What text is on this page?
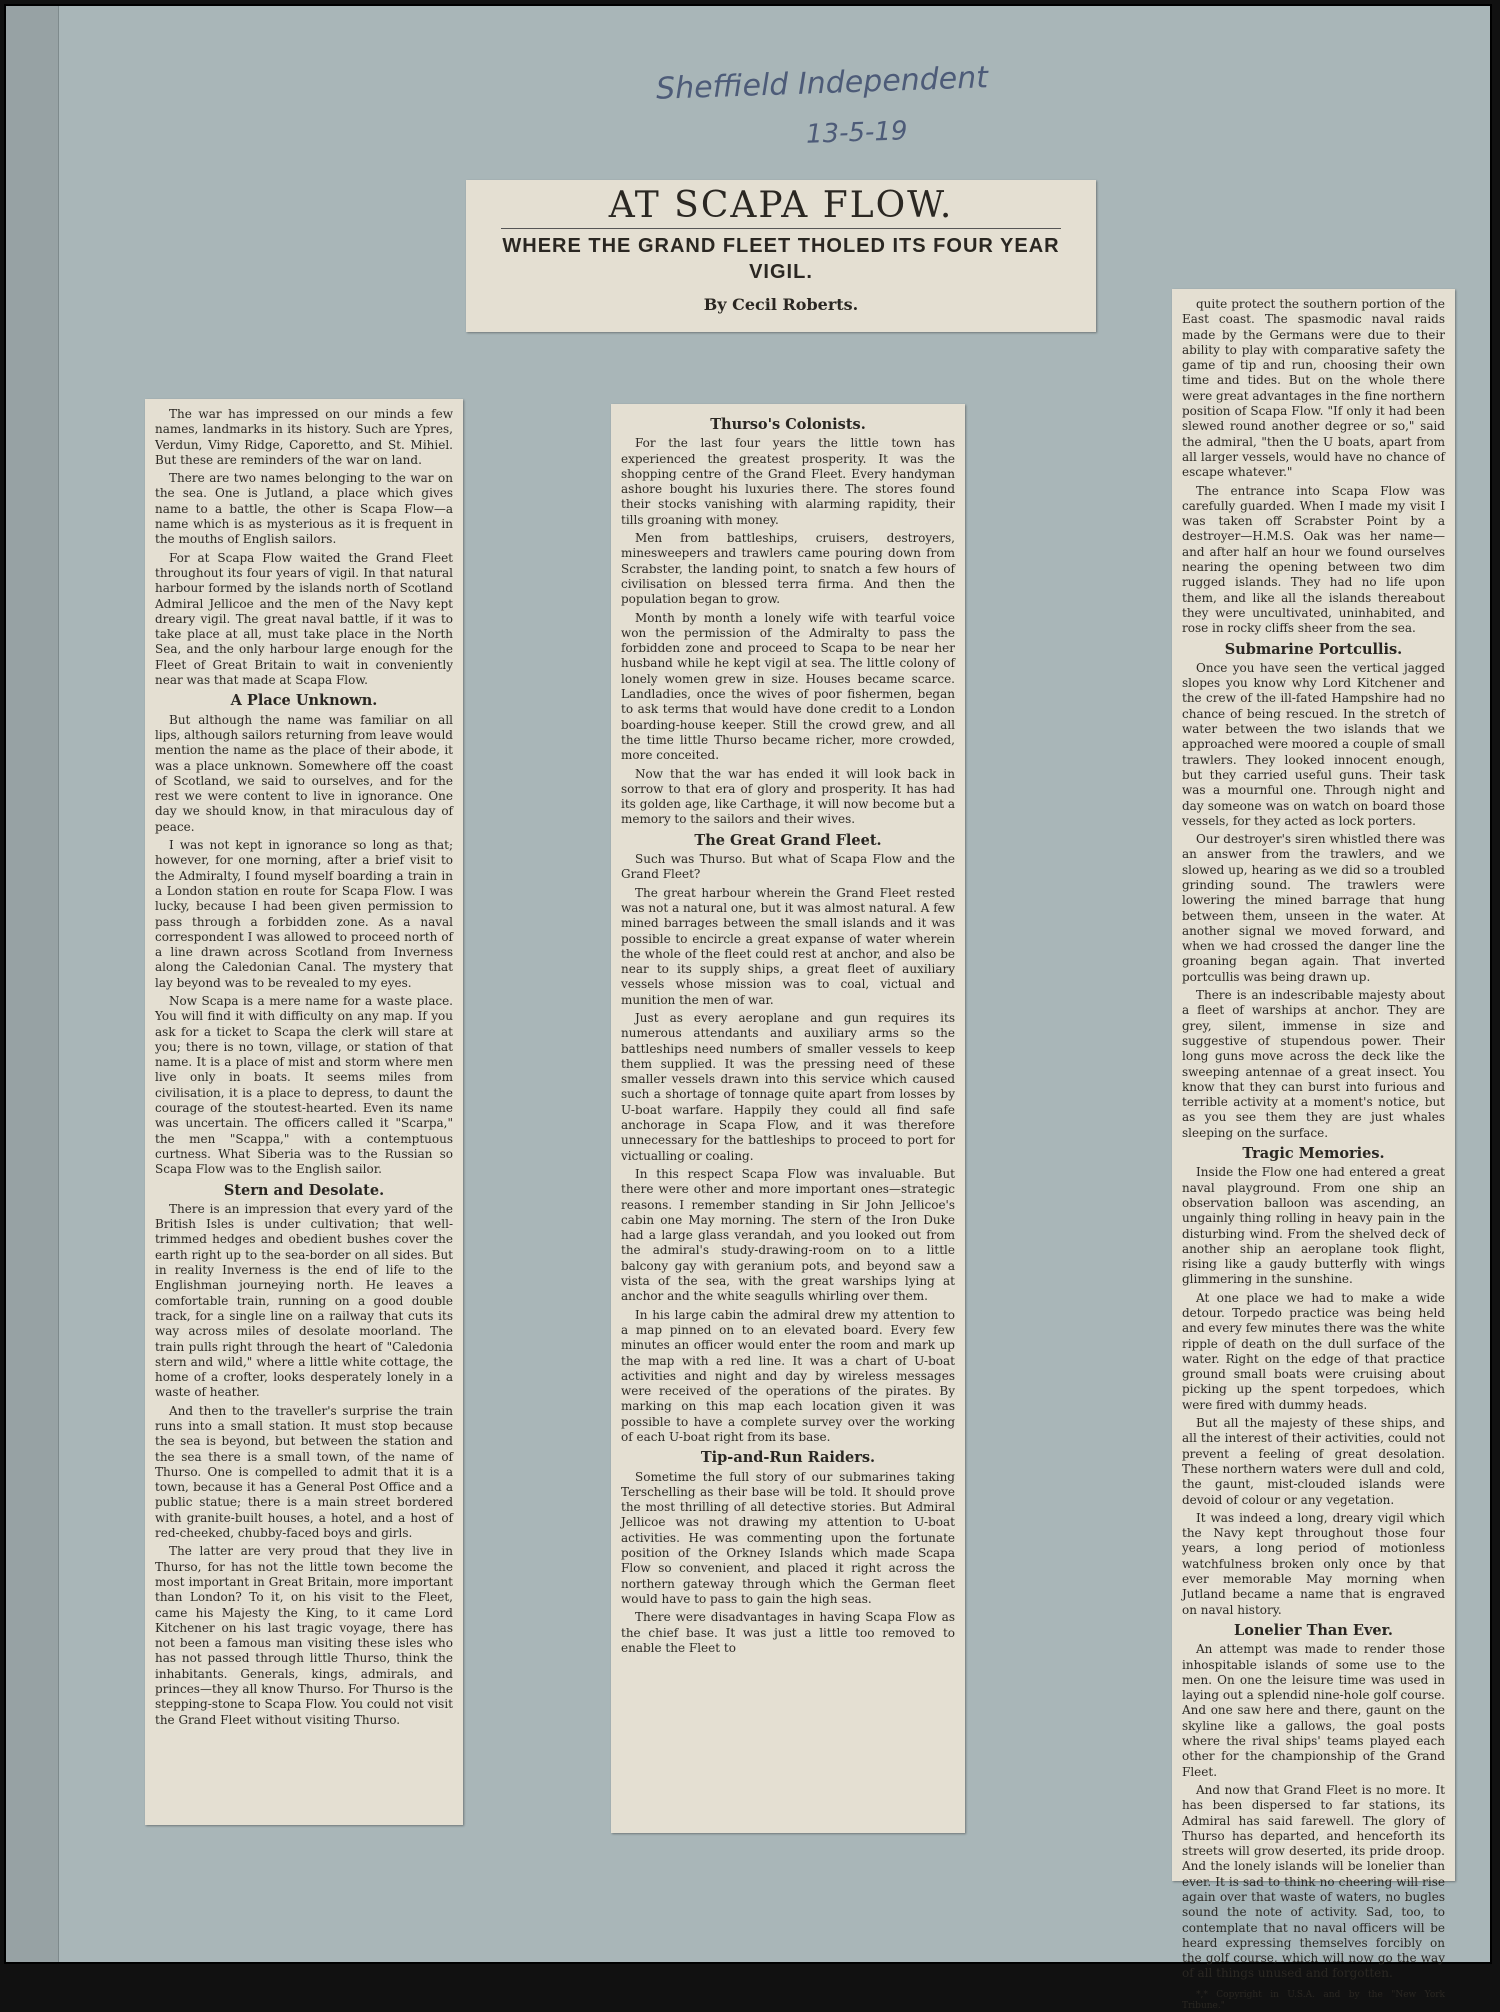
Sheffield Independent
13-5-19
AT SCAPA FLOW.
WHERE THE GRAND FLEET THOLED ITS FOUR YEAR VIGIL.
By Cecil Roberts.

The war has impressed on our minds a few names, landmarks in its history. Such are Ypres, Verdun, Vimy Ridge, Caporetto, and St. Mihiel. But these are reminders of the war on land.

There are two names belonging to the war on the sea. One is Jutland, a place which gives name to a battle, the other is Scapa Flow—a name which is as mysterious as it is frequent in the mouths of English sailors.

For at Scapa Flow waited the Grand Fleet throughout its four years of vigil. In that natural harbour formed by the islands north of Scotland Admiral Jellicoe and the men of the Navy kept dreary vigil. The great naval battle, if it was to take place at all, must take place in the North Sea, and the only harbour large enough for the Fleet of Great Britain to wait in conveniently near was that made at Scapa Flow.

A Place Unknown.

But although the name was familiar on all lips, although sailors returning from leave would mention the name as the place of their abode, it was a place unknown. Somewhere off the coast of Scotland, we said to ourselves, and for the rest we were content to live in ignorance. One day we should know, in that miraculous day of peace.

I was not kept in ignorance so long as that; however, for one morning, after a brief visit to the Admiralty, I found myself boarding a train in a London station en route for Scapa Flow. I was lucky, because I had been given permission to pass through a forbidden zone. As a naval correspondent I was allowed to proceed north of a line drawn across Scotland from Inverness along the Caledonian Canal. The mystery that lay beyond was to be revealed to my eyes.

Now Scapa is a mere name for a waste place. You will find it with difficulty on any map. If you ask for a ticket to Scapa the clerk will stare at you; there is no town, village, or station of that name. It is a place of mist and storm where men live only in boats. It seems miles from civilisation, it is a place to depress, to daunt the courage of the stoutest-hearted. Even its name was uncertain. The officers called it "Scarpa," the men "Scappa," with a contemptuous curtness. What Siberia was to the Russian so Scapa Flow was to the English sailor.

Stern and Desolate.

There is an impression that every yard of the British Isles is under cultivation; that well-trimmed hedges and obedient bushes cover the earth right up to the sea-border on all sides. But in reality Inverness is the end of life to the Englishman journeying north. He leaves a comfortable train, running on a good double track, for a single line on a railway that cuts its way across miles of desolate moorland. The train pulls right through the heart of "Caledonia stern and wild," where a little white cottage, the home of a crofter, looks desperately lonely in a waste of heather.

And then to the traveller's surprise the train runs into a small station. It must stop because the sea is beyond, but between the station and the sea there is a small town, of the name of Thurso. One is compelled to admit that it is a town, because it has a General Post Office and a public statue; there is a main street bordered with granite-built houses, a hotel, and a host of red-cheeked, chubby-faced boys and girls.

The latter are very proud that they live in Thurso, for has not the little town become the most important in Great Britain, more important than London? To it, on his visit to the Fleet, came his Majesty the King, to it came Lord Kitchener on his last tragic voyage, there has not been a famous man visiting these isles who has not passed through little Thurso, think the inhabitants. Generals, kings, admirals, and princes—they all know Thurso. For Thurso is the stepping-stone to Scapa Flow. You could not visit the Grand Fleet without visiting Thurso.

Thurso's Colonists.

For the last four years the little town has experienced the greatest prosperity. It was the shopping centre of the Grand Fleet. Every handyman ashore bought his luxuries there. The stores found their stocks vanishing with alarming rapidity, their tills groaning with money.

Men from battleships, cruisers, destroyers, minesweepers and trawlers came pouring down from Scrabster, the landing point, to snatch a few hours of civilisation on blessed terra firma. And then the population began to grow.

Month by month a lonely wife with tearful voice won the permission of the Admiralty to pass the forbidden zone and proceed to Scapa to be near her husband while he kept vigil at sea. The little colony of lonely women grew in size. Houses became scarce. Landladies, once the wives of poor fishermen, began to ask terms that would have done credit to a London boarding-house keeper. Still the crowd grew, and all the time little Thurso became richer, more crowded, more conceited.

Now that the war has ended it will look back in sorrow to that era of glory and prosperity. It has had its golden age, like Carthage, it will now become but a memory to the sailors and their wives.

The Great Grand Fleet.

Such was Thurso. But what of Scapa Flow and the Grand Fleet?

The great harbour wherein the Grand Fleet rested was not a natural one, but it was almost natural. A few mined barrages between the small islands and it was possible to encircle a great expanse of water wherein the whole of the fleet could rest at anchor, and also be near to its supply ships, a great fleet of auxiliary vessels whose mission was to coal, victual and munition the men of war.

Just as every aeroplane and gun requires its numerous attendants and auxiliary arms so the battleships need numbers of smaller vessels to keep them supplied. It was the pressing need of these smaller vessels drawn into this service which caused such a shortage of tonnage quite apart from losses by U-boat warfare. Happily they could all find safe anchorage in Scapa Flow, and it was therefore unnecessary for the battleships to proceed to port for victualling or coaling.

In this respect Scapa Flow was invaluable. But there were other and more important ones—strategic reasons. I remember standing in Sir John Jellicoe's cabin one May morning. The stern of the Iron Duke had a large glass verandah, and you looked out from the admiral's study-drawing-room on to a little balcony gay with geranium pots, and beyond saw a vista of the sea, with the great warships lying at anchor and the white seagulls whirling over them.

In his large cabin the admiral drew my attention to a map pinned on to an elevated board. Every few minutes an officer would enter the room and mark up the map with a red line. It was a chart of U-boat activities and night and day by wireless messages were received of the operations of the pirates. By marking on this map each location given it was possible to have a complete survey over the working of each U-boat right from its base.

Tip-and-Run Raiders.

Sometime the full story of our submarines taking Terschelling as their base will be told. It should prove the most thrilling of all detective stories. But Admiral Jellicoe was not drawing my attention to U-boat activities. He was commenting upon the fortunate position of the Orkney Islands which made Scapa Flow so convenient, and placed it right across the northern gateway through which the German fleet would have to pass to gain the high seas.

There were disadvantages in having Scapa Flow as the chief base. It was just a little too removed to enable the Fleet to

quite protect the southern portion of the East coast. The spasmodic naval raids made by the Germans were due to their ability to play with comparative safety the game of tip and run, choosing their own time and tides. But on the whole there were great advantages in the fine northern position of Scapa Flow. "If only it had been slewed round another degree or so," said the admiral, "then the U boats, apart from all larger vessels, would have no chance of escape whatever."

The entrance into Scapa Flow was carefully guarded. When I made my visit I was taken off Scrabster Point by a destroyer—H.M.S. Oak was her name—and after half an hour we found ourselves nearing the opening between two dim rugged islands. They had no life upon them, and like all the islands thereabout they were uncultivated, uninhabited, and rose in rocky cliffs sheer from the sea.

Submarine Portcullis.

Once you have seen the vertical jagged slopes you know why Lord Kitchener and the crew of the ill-fated Hampshire had no chance of being rescued. In the stretch of water between the two islands that we approached were moored a couple of small trawlers. They looked innocent enough, but they carried useful guns. Their task was a mournful one. Through night and day someone was on watch on board those vessels, for they acted as lock porters.

Our destroyer's siren whistled there was an answer from the trawlers, and we slowed up, hearing as we did so a troubled grinding sound. The trawlers were lowering the mined barrage that hung between them, unseen in the water. At another signal we moved forward, and when we had crossed the danger line the groaning began again. That inverted portcullis was being drawn up.

There is an indescribable majesty about a fleet of warships at anchor. They are grey, silent, immense in size and suggestive of stupendous power. Their long guns move across the deck like the sweeping antennae of a great insect. You know that they can burst into furious and terrible activity at a moment's notice, but as you see them they are just whales sleeping on the surface.

Tragic Memories.

Inside the Flow one had entered a great naval playground. From one ship an observation balloon was ascending, an ungainly thing rolling in heavy pain in the disturbing wind. From the shelved deck of another ship an aeroplane took flight, rising like a gaudy butterfly with wings glimmering in the sunshine.

At one place we had to make a wide detour. Torpedo practice was being held and every few minutes there was the white ripple of death on the dull surface of the water. Right on the edge of that practice ground small boats were cruising about picking up the spent torpedoes, which were fired with dummy heads.

But all the majesty of these ships, and all the interest of their activities, could not prevent a feeling of great desolation. These northern waters were dull and cold, the gaunt, mist-clouded islands were devoid of colour or any vegetation.

It was indeed a long, dreary vigil which the Navy kept throughout those four years, a long period of motionless watchfulness broken only once by that ever memorable May morning when Jutland became a name that is engraved on naval history.

Lonelier Than Ever.

An attempt was made to render those inhospitable islands of some use to the men. On one the leisure time was used in laying out a splendid nine-hole golf course. And one saw here and there, gaunt on the skyline like a gallows, the goal posts where the rival ships' teams played each other for the championship of the Grand Fleet.

And now that Grand Fleet is no more. It has been dispersed to far stations, its Admiral has said farewell. The glory of Thurso has departed, and henceforth its streets will grow deserted, its pride droop. And the lonely islands will be lonelier than ever. It is sad to think no cheering will rise again over that waste of waters, no bugles sound the note of activity. Sad, too, to contemplate that no naval officers will be heard expressing themselves forcibly on the golf course, which will now go the way of all things unused and forgotten.

*,* Copyright in U.S.A. and by the "New York Tribune."
